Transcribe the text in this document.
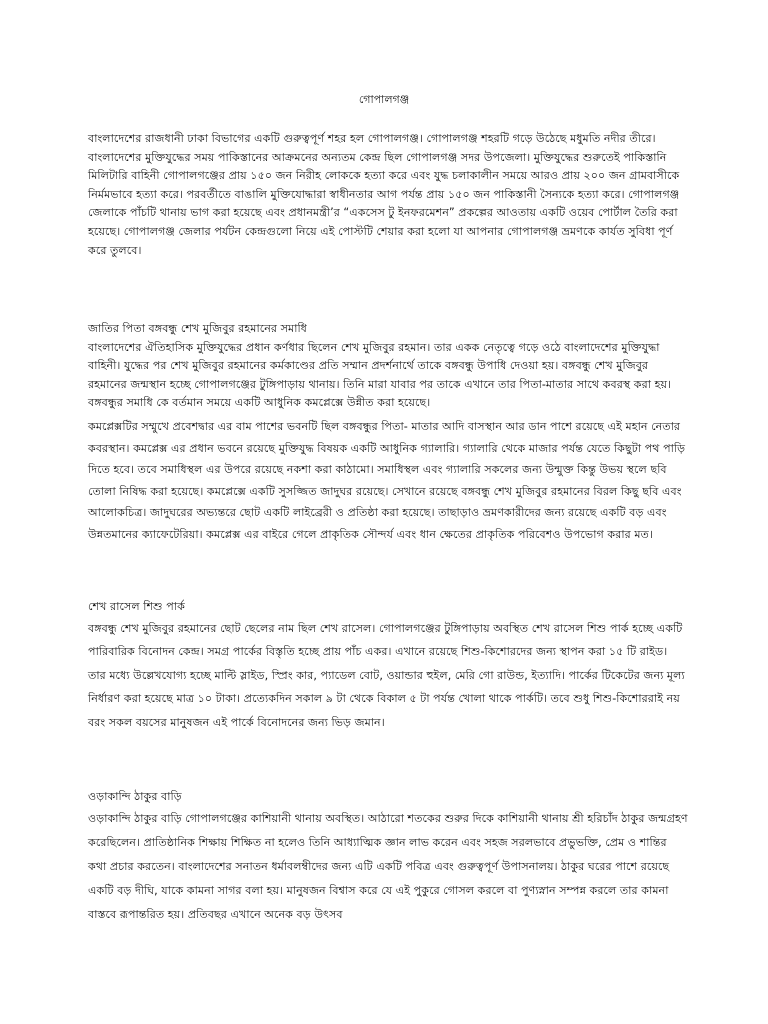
গোপালগঞ্জ

বাংলাদেশের রাজধানী ঢাকা বিভাগের একটি গুরুত্বপূর্ণ শহর হল গোপালগঞ্জ। গোপালগঞ্জ শহরটি গড়ে উঠেছে মধুমতি নদীর তীরে। বাংলাদেশের মুক্তিযুদ্ধের সময় পাকিস্তানের আক্রমনের অন্যতম কেন্দ্র ছিল গোপালগঞ্জ সদর উপজেলা। মুক্তিযুদ্ধের শুরুতেই পাকিস্তানি মিলিটারি বাহিনী গোপালগঞ্জের প্রায় ১৫০ জন নিরীহ লোককে হত্যা করে এবং যুদ্ধ চলাকালীন সময়ে আরও প্রায় ২০০ জন গ্রামবাসীকে নির্মমভাবে হত্যা করে। পরবর্তীতে বাঙালি মুক্তিযোদ্ধারা স্বাধীনতার আগ পর্যন্ত প্রায় ১৫০ জন পাকিস্তানী সৈন্যকে হত্যা করে। গোপালগঞ্জ জেলাকে পাঁচটি থানায় ভাগ করা হয়েছে এবং প্রধানমন্ত্রী’র “একসেস টু ইনফরমেশন” প্রকল্পের আওতায় একটি ওয়েব পোর্টাল তৈরি করা হয়েছে। গোপালগঞ্জ জেলার পর্যটন কেন্দ্রগুলো নিয়ে এই পোস্টটি শেয়ার করা হলো যা আপনার গোপালগঞ্জ ভ্রমণকে কার্যত সুবিধা পূর্ণ করে তুলবে।

জাতির পিতা বঙ্গবন্ধু শেখ মুজিবুর রহমানের সমাধি

বাংলাদেশের ঐতিহাসিক মুক্তিযুদ্ধের প্রধান কর্ণধার ছিলেন শেখ মুজিবুর রহমান। তার একক নেতৃত্বে গড়ে ওঠে বাংলাদেশের মুক্তিযুদ্ধা বাহিনী। যুদ্ধের পর শেখ মুজিবুর রহমানের কর্মকাণ্ডের প্রতি সম্মান প্রদর্শনার্থে তাকে বঙ্গবন্ধু উপাধি দেওয়া হয়। বঙ্গবন্ধু শেখ মুজিবুর রহমানের জন্মস্থান হচ্ছে গোপালগঞ্জের টুঙ্গিপাড়ায় থানায়। তিনি মারা যাবার পর তাকে এখানে তার পিতা-মাতার সাথে কবরস্থ করা হয়। বঙ্গবন্ধুর সমাধি কে বর্তমান সময়ে একটি আধুনিক কমপ্লেক্সে উন্নীত করা হয়েছে।

কমপ্লেক্সটির সম্মুখে প্রবেশদ্বার এর বাম পাশের ভবনটি ছিল বঙ্গবন্ধুর পিতা- মাতার আদি বাসস্থান আর ডান পাশে রয়েছে এই মহান নেতার কবরস্থান। কমপ্লেক্স এর প্রধান ভবনে রয়েছে মুক্তিযুদ্ধ বিষয়ক একটি আধুনিক গ্যালারি। গ্যালারি থেকে মাজার পর্যন্ত যেতে কিছুটা পথ পাড়ি দিতে হবে। তবে সমাধিস্থল এর উপরে রয়েছে নকশা করা কাঠামো। সমাধিস্থল এবং গ্যালারি সকলের জন্য উন্মুক্ত কিন্তু উভয় স্থলে ছবি তোলা নিষিদ্ধ করা হয়েছে। কমপ্লেক্সে একটি সুসজ্জিত জাদুঘর রয়েছে। সেখানে রয়েছে বঙ্গবন্ধু শেখ মুজিবুর রহমানের বিরল কিছু ছবি এবং আলোকচিত্র। জাদুঘরের অভ্যন্তরে ছোট একটি লাইব্রেরী ও প্রতিষ্ঠা করা হয়েছে। তাছাড়াও ভ্রমণকারীদের জন্য রয়েছে একটি বড় এবং উন্নতমানের ক্যাফেটেরিয়া। কমপ্লেক্স এর বাইরে গেলে প্রাকৃতিক সৌন্দর্য এবং ধান ক্ষেতের প্রাকৃতিক পরিবেশও উপভোগ করার মত।

শেখ রাসেল শিশু পার্ক

বঙ্গবন্ধু শেখ মুজিবুর রহমানের ছোট ছেলের নাম ছিল শেখ রাসেল। গোপালগঞ্জের টুঙ্গিপাড়ায় অবস্থিত শেখ রাসেল শিশু পার্ক হচ্ছে একটি পারিবারিক বিনোদন কেন্দ্র। সমগ্র পার্কের বিস্তৃতি হচ্ছে প্রায় পাঁচ একর। এখানে রয়েছে শিশু-কিশোরদের জন্য স্থাপন করা ১৫ টি রাইড। তার মধ্যে উল্লেখযোগ্য হচ্ছে মাল্টি স্লাইড, স্প্রিং কার, প্যাডেল বোট, ওয়ান্ডার হুইল, মেরি গো রাউন্ড, ইত্যাদি। পার্কের টিকেটের জন্য মূল্য নির্ধারণ করা হয়েছে মাত্র ১০ টাকা। প্রত্যেকদিন সকাল ৯ টা থেকে বিকাল ৫ টা পর্যন্ত খোলা থাকে পার্কটি। তবে শুধু শিশু-কিশোররাই নয় বরং সকল বয়সের মানুষজন এই পার্কে বিনোদনের জন্য ভিড় জমান।

ওড়াকান্দি ঠাকুর বাড়ি

ওড়াকান্দি ঠাকুর বাড়ি গোপালগঞ্জের কাশিয়ানী থানায় অবস্থিত। আঠারো শতকের শুরুর দিকে কাশিয়ানী থানায় শ্রী হরিচাঁদ ঠাকুর জন্মগ্রহণ করেছিলেন। প্রাতিষ্ঠানিক শিক্ষায় শিক্ষিত না হলেও তিনি আধ্যাত্মিক জ্ঞান লাভ করেন এবং সহজ সরলভাবে প্রভুভক্তি, প্রেম ও শান্তির কথা প্রচার করতেন। বাংলাদেশের সনাতন ধর্মাবলম্বীদের জন্য এটি একটি পবিত্র এবং গুরুত্বপূর্ণ উপাসনালয়। ঠাকুর ঘরের পাশে রয়েছে একটি বড় দীঘি, যাকে কামনা সাগর বলা হয়। মানুষজন বিশ্বাস করে যে এই পুকুরে গোসল করলে বা পুণ্যস্নান সম্পন্ন করলে তার কামনা বাস্তবে রূপান্তরিত হয়। প্রতিবছর এখানে অনেক বড় উৎসব
